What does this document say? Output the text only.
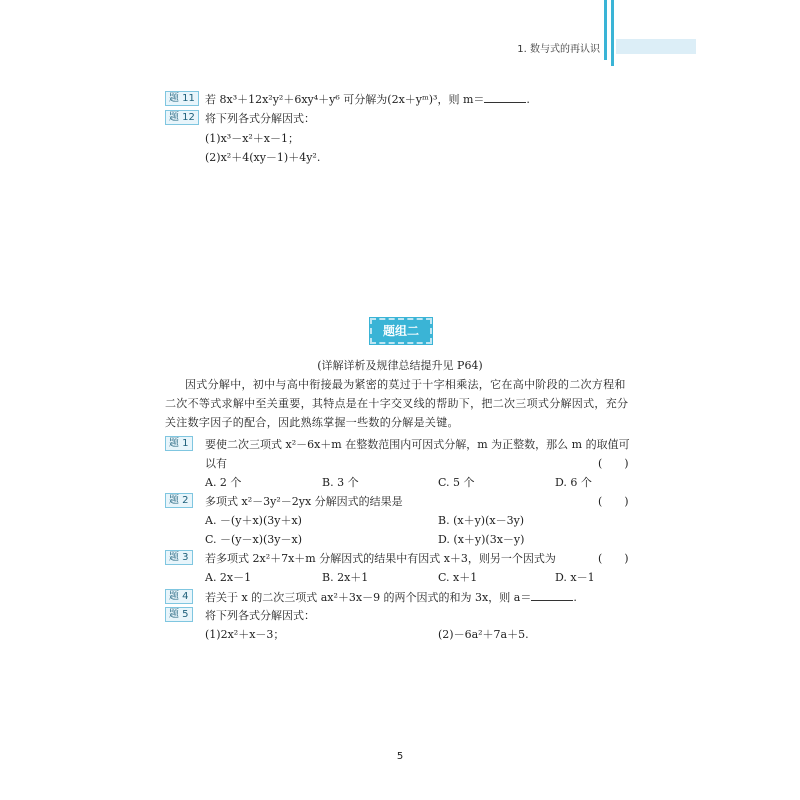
1. 数与式的再认识
题 11 若 8x³＋12x²y²＋6xy⁴＋y⁶ 可分解为(2x＋yᵐ)³，则 m＝	.
题 12 将下列各式分解因式：
(1)x³－x²＋x－1；
(2)x²＋4(xy－1)＋4y².
题组二
(详解详析及规律总结提升见 P64)
因式分解中，初中与高中衔接最为紧密的莫过于十字相乘法，它在高中阶段的二次方程和
二次不等式求解中至关重要，其特点是在十字交叉线的帮助下，把二次三项式分解因式，充分
关注数字因子的配合，因此熟练掌握一些数的分解是关键。
题 1	要使二次三项式 x²－6x＋m 在整数范围内可因式分解，m 为正整数，那么 m 的取值可
以有	(　　)
A. 2 个	B. 3 个	C. 5 个	D. 6 个
题 2	多项式 x²－3y²－2yx 分解因式的结果是	(　　)
A. －(y＋x)(3y＋x)	B. (x＋y)(x－3y)
C. －(y－x)(3y－x)	D. (x＋y)(3x－y)
题 3	若多项式 2x²＋7x＋m 分解因式的结果中有因式 x＋3，则另一个因式为	(　　)
A. 2x－1	B. 2x＋1	C. x＋1	D. x－1
题 4	若关于 x 的二次三项式 ax²＋3x－9 的两个因式的和为 3x，则 a＝	.
题 5	将下列各式分解因式：
(1)2x²＋x－3；	(2)－6a²＋7a＋5.
5
